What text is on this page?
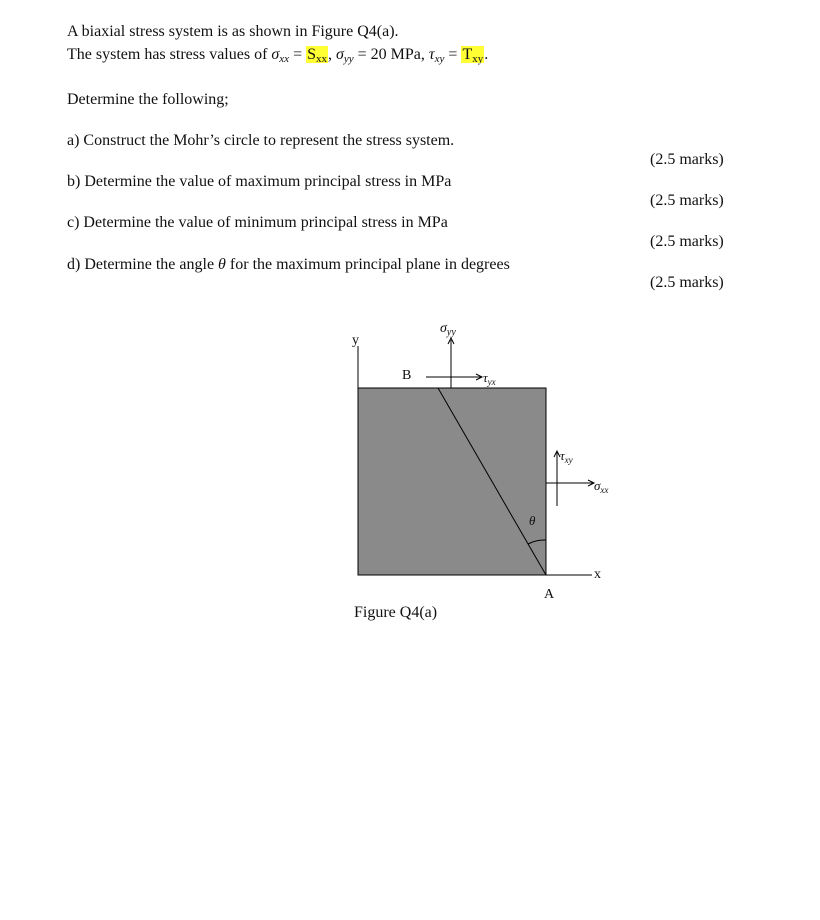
A biaxial stress system is as shown in Figure Q4(a).
The system has stress values of $\sigma_{xx} = S_{xx}$, $\sigma_{yy} = 20$ MPa, $\tau_{xy} = T_{xy}$.
Determine the following;
a) Construct the Mohr’s circle to represent the stress system.
(2.5 marks)
b) Determine the value of maximum principal stress in MPa
(2.5 marks)
c) Determine the value of minimum principal stress in MPa
(2.5 marks)
d) Determine the angle θ for the maximum principal plane in degrees
(2.5 marks)
y
θ
$\sigma_{yy}$
$\tau_{yx}$
B
$\tau_{xy}$
$\sigma_{xx}$
x
A
Figure Q4(a)
